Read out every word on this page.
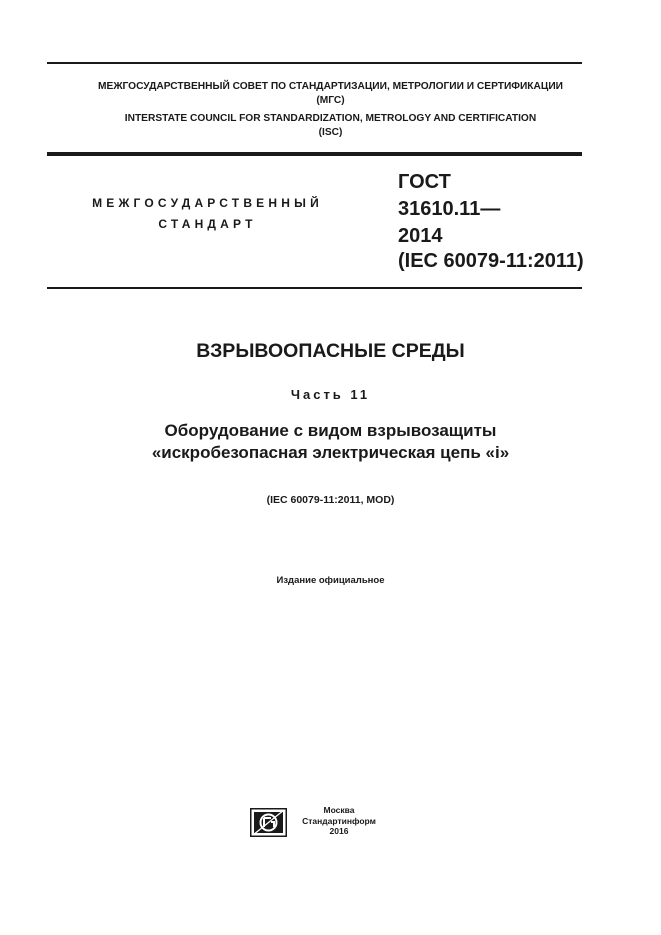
МЕЖГОСУДАРСТВЕННЫЙ СОВЕТ ПО СТАНДАРТИЗАЦИИ, МЕТРОЛОГИИ И СЕРТИФИКАЦИИ
(МГС)
INTERSTATE COUNCIL FOR STANDARDIZATION, METROLOGY AND CERTIFICATION
(ISC)
МЕЖГОСУДАРСТВЕННЫЙ
СТАНДАРТ
ГОСТ
31610.11—
2014
(IEC 60079-11:2011)
ВЗРЫВООПАСНЫЕ СРЕДЫ
Часть 11
Оборудование с видом взрывозащиты
«искробезопасная электрическая цепь «i»
(IEC 60079-11:2011, MOD)
Издание официальное
Москва
Стандартинформ
2016
